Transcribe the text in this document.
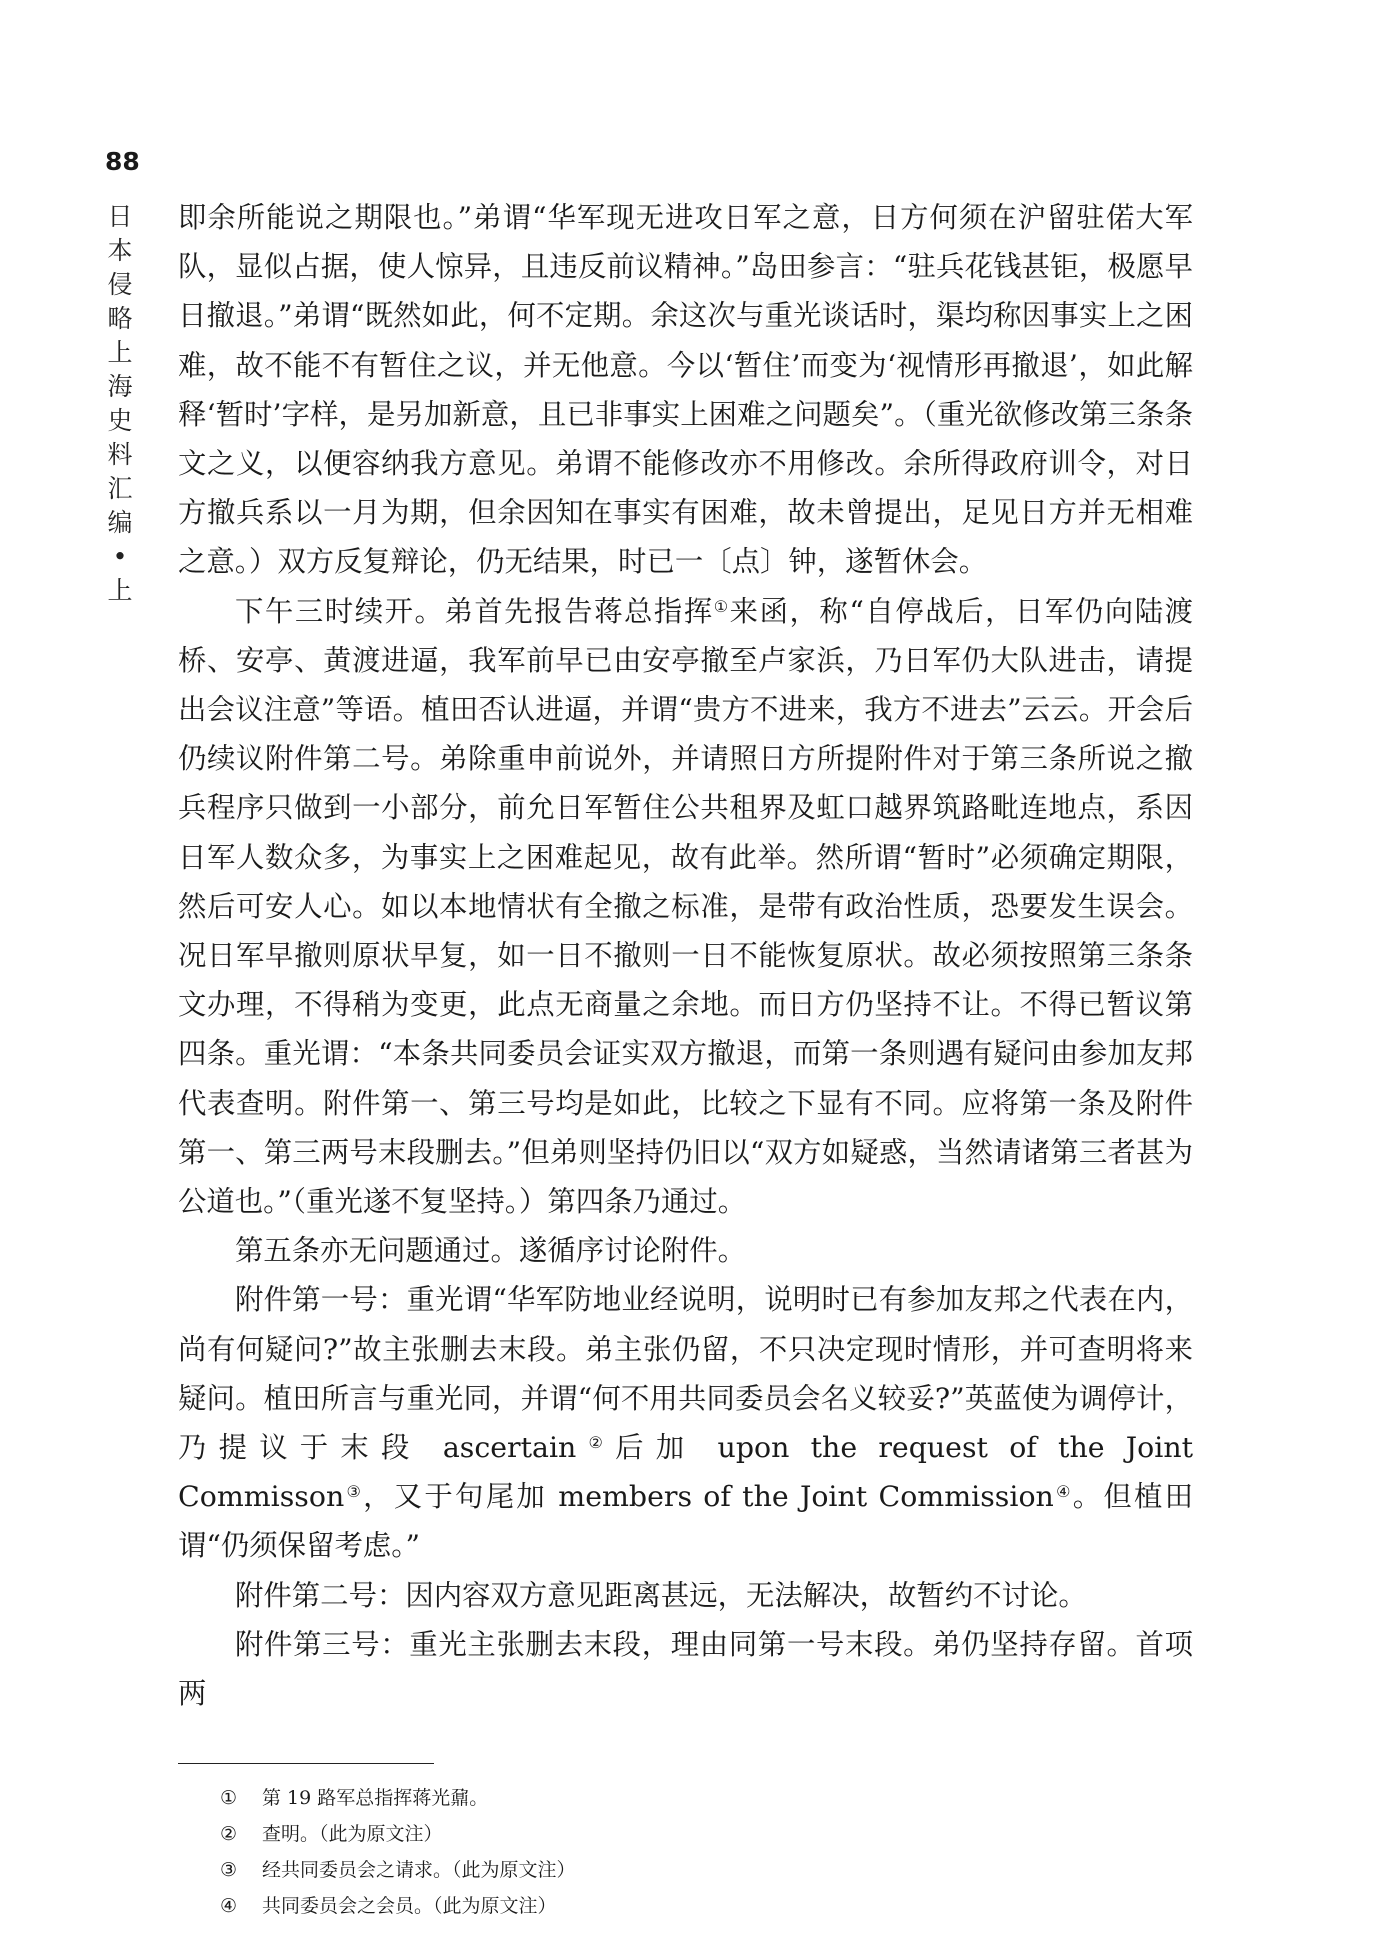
88
日本侵略上海史料汇编•上

即余所能说之期限也。”弟谓“华军现无进攻日军之意，日方何须在沪留驻偌大军队，显似占据，使人惊异，且违反前议精神。”岛田参言：“驻兵花钱甚钜，极愿早日撤退。”弟谓“既然如此，何不定期。余这次与重光谈话时，渠均称因事实上之困难，故不能不有暂住之议，并无他意。今以‘暂住’而变为‘视情形再撤退’，如此解释‘暂时’字样，是另加新意，且已非事实上困难之问题矣”。（重光欲修改第三条条文之义，以便容纳我方意见。弟谓不能修改亦不用修改。余所得政府训令，对日方撤兵系以一月为期，但余因知在事实有困难，故未曾提出，足见日方并无相难之意。）双方反复辩论，仍无结果，时已一〔点〕钟，遂暂休会。

下午三时续开。弟首先报告蒋总指挥①来函，称“自停战后，日军仍向陆渡桥、安亭、黄渡进逼，我军前早已由安亭撤至卢家浜，乃日军仍大队进击，请提出会议注意”等语。植田否认进逼，并谓“贵方不进来，我方不进去”云云。开会后仍续议附件第二号。弟除重申前说外，并请照日方所提附件对于第三条所说之撤兵程序只做到一小部分，前允日军暂住公共租界及虹口越界筑路毗连地点，系因日军人数众多，为事实上之困难起见，故有此举。然所谓“暂时”必须确定期限，然后可安人心。如以本地情状有全撤之标准，是带有政治性质，恐要发生误会。况日军早撤则原状早复，如一日不撤则一日不能恢复原状。故必须按照第三条条文办理，不得稍为变更，此点无商量之余地。而日方仍坚持不让。不得已暂议第四条。重光谓：“本条共同委员会证实双方撤退，而第一条则遇有疑问由参加友邦代表查明。附件第一、第三号均是如此，比较之下显有不同。应将第一条及附件第一、第三两号末段删去。”但弟则坚持仍旧以“双方如疑惑，当然请诸第三者甚为公道也。”（重光遂不复坚持。）第四条乃通过。

第五条亦无问题通过。遂循序讨论附件。

附件第一号：重光谓“华军防地业经说明，说明时已有参加友邦之代表在内，尚有何疑问?”故主张删去末段。弟主张仍留，不只决定现时情形，并可查明将来疑问。植田所言与重光同，并谓“何不用共同委员会名义较妥?”英蓝使为调停计，乃提议于末段 ascertain②后加 upon the request of the Joint Commisson③，又于句尾加 members of the Joint Commission④。但植田谓“仍须保留考虑。”

附件第二号：因内容双方意见距离甚远，无法解决，故暂约不讨论。

附件第三号：重光主张删去末段，理由同第一号末段。弟仍坚持存留。首项两

①	第 19 路军总指挥蒋光鼐。
②	查明。（此为原文注）
③	经共同委员会之请求。（此为原文注）
④	共同委员会之会员。（此为原文注）
